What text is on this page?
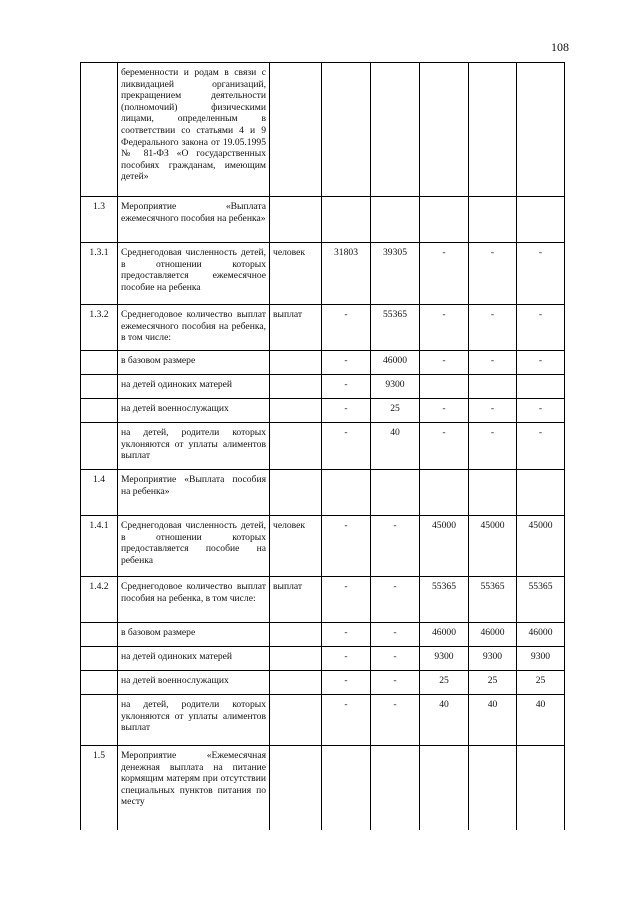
108
	беременности и родам в связи с ликвидацией организаций, прекращением деятельности (полномочий) физическими лицами, определенным в соответствии со статьями 4 и 9 Федерального закона от 19.05.1995 № 81-ФЗ «О государственных пособиях гражданам, имеющим детей»						
1.3	Мероприятие «Выплата ежемесячного пособия на ребенка»						
1.3.1	Среднегодовая численность детей, в отношении которых предоставляется ежемесячное пособие на ребенка	человек	31803	39305	-	-	-
1.3.2	Среднегодовое количество выплат ежемесячного пособия на ребенка, в том числе:	выплат	-	55365	-	-	-
	в базовом размере		-	46000	-	-	-
	на детей одиноких матерей		-	9300			
	на детей военнослужащих		-	25	-	-	-
	на детей, родители которых уклоняются от уплаты алиментов выплат		-	40	-	-	-
1.4	Мероприятие «Выплата пособия на ребенка»						
1.4.1	Среднегодовая численность детей, в отношении которых предоставляется пособие на ребенка	человек	-	-	45000	45000	45000
1.4.2	Среднегодовое количество выплат пособия на ребенка, в том числе:	выплат	-	-	55365	55365	55365
	в базовом размере		-	-	46000	46000	46000
	на детей одиноких матерей		-	-	9300	9300	9300
	на детей военнослужащих		-	-	25	25	25
	на детей, родители которых уклоняются от уплаты алиментов выплат		-	-	40	40	40
1.5	Мероприятие «Ежемесячная денежная выплата на питание кормящим матерям при отсутствии специальных пунктов питания по месту						
